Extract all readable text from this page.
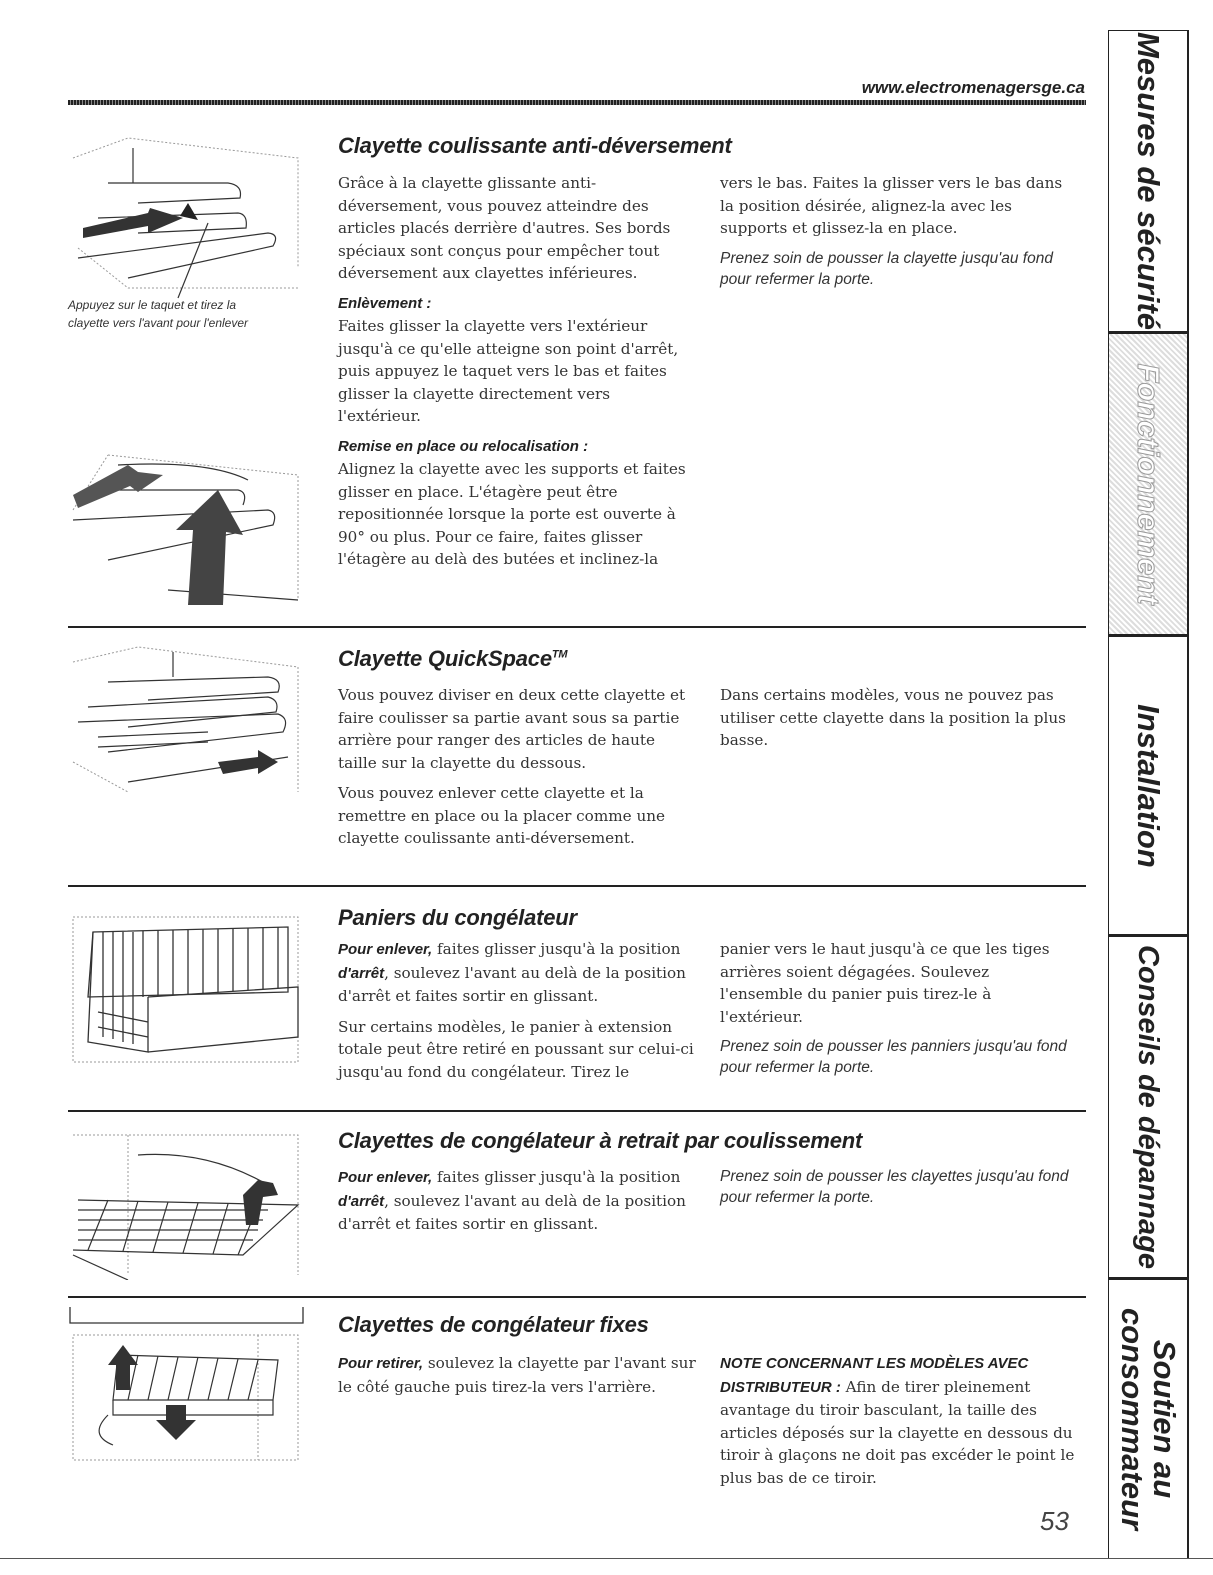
www.electromenagersge.ca
Appuyez sur le taquet et tirez la clayette vers l'avant pour l'enlever
Clayette coulissante anti-déversement

Grâce à la clayette glissante anti-déversement, vous pouvez atteindre des articles placés derrière d'autres. Ses bords spéciaux sont conçus pour empêcher tout déversement aux clayettes inférieures.

Enlèvement :

Faites glisser la clayette vers l'extérieur jusqu'à ce qu'elle atteigne son point d'arrêt, puis appuyez le taquet vers le bas et faites glisser la clayette directement vers l'extérieur.

Remise en place ou relocalisation :

Alignez la clayette avec les supports et faites glisser en place. L'étagère peut être repositionnée lorsque la porte est ouverte à 90° ou plus. Pour ce faire, faites glisser l'étagère au delà des butées et inclinez-la

vers le bas. Faites la glisser vers le bas dans la position désirée, alignez-la avec les supports et glissez-la en place.

Prenez soin de pousser la clayette jusqu'au fond pour refermer la porte.

Clayette QuickSpace™

Vous pouvez diviser en deux cette clayette et faire coulisser sa partie avant sous sa partie arrière pour ranger des articles de haute taille sur la clayette du dessous.

Vous pouvez enlever cette clayette et la remettre en place ou la placer comme une clayette coulissante anti-déversement.

Dans certains modèles, vous ne pouvez pas utiliser cette clayette dans la position la plus basse.

Paniers du congélateur

Pour enlever, faites glisser jusqu'à la position d'arrêt, soulevez l'avant au delà de la position d'arrêt et faites sortir en glissant.

Sur certains modèles, le panier à extension totale peut être retiré en poussant sur celui-ci jusqu'au fond du congélateur. Tirez le

panier vers le haut jusqu'à ce que les tiges arrières soient dégagées. Soulevez l'ensemble du panier puis tirez-le à l'extérieur.

Prenez soin de pousser les panniers jusqu'au fond pour refermer la porte.

Clayettes de congélateur à retrait par coulissement

Pour enlever, faites glisser jusqu'à la position d'arrêt, soulevez l'avant au delà de la position d'arrêt et faites sortir en glissant.

Prenez soin de pousser les clayettes jusqu'au fond pour refermer la porte.

Clayettes de congélateur fixes

Pour retirer, soulevez la clayette par l'avant sur le côté gauche puis tirez-la vers l'arrière.

NOTE CONCERNANT LES MODÈLES AVEC DISTRIBUTEUR : Afin de tirer pleinement avantage du tiroir basculant, la taille des articles déposés sur la clayette en dessous du tiroir à glaçons ne doit pas excéder le point le plus bas de ce tiroir.

53
Mesures de sécurité
Fonctionnement
Installation
Conseils de dépannage
Soutien au consommateur
